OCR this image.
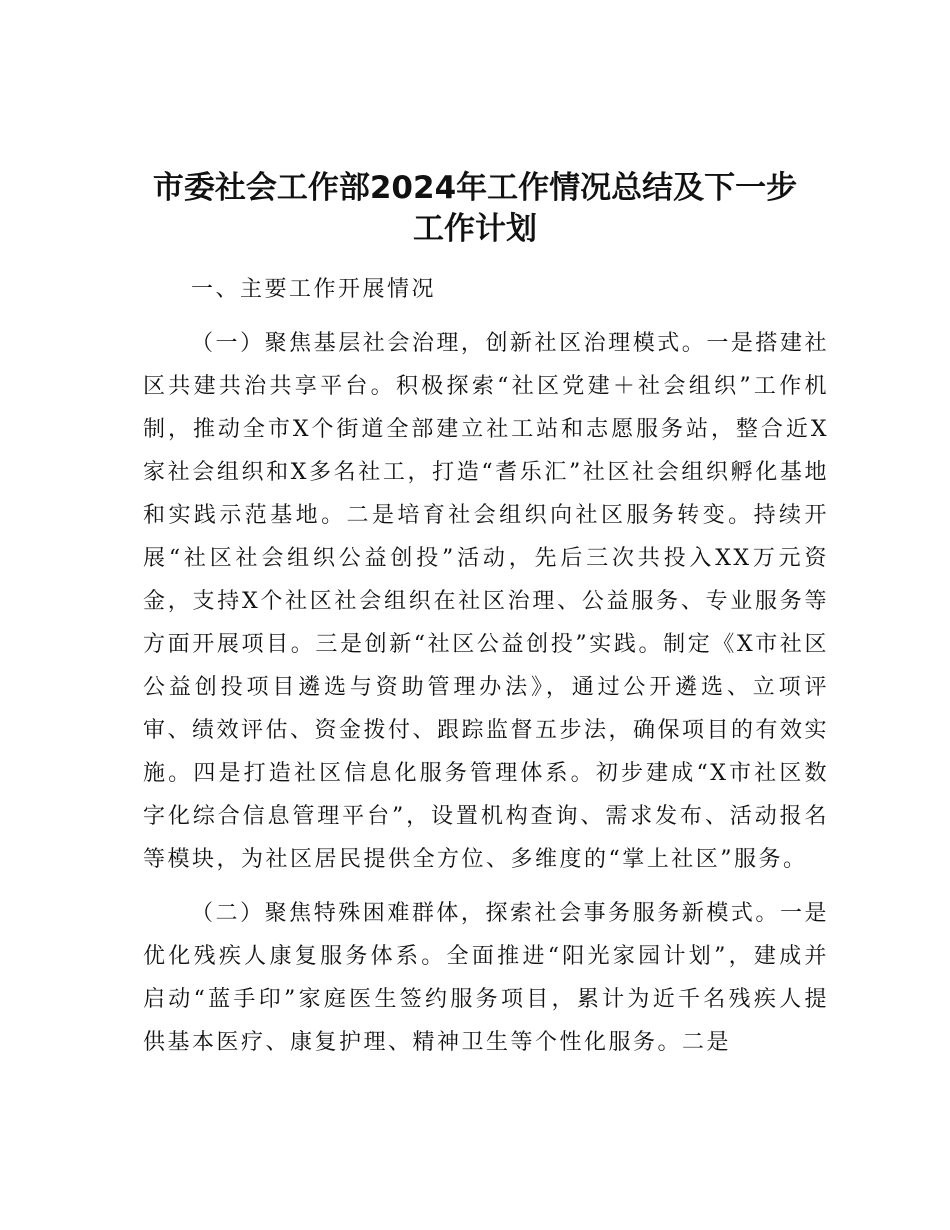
市委社会工作部2024年工作情况总结及下一步
工作计划

一、主要工作开展情况

（一）聚焦基层社会治理，创新社区治理模式。一是搭建社区共建共治共享平台。积极探索“社区党建＋社会组织”工作机制，推动全市X个街道全部建立社工站和志愿服务站，整合近X家社会组织和X多名社工，打造“耆乐汇”社区社会组织孵化基地和实践示范基地。二是培育社会组织向社区服务转变。持续开展“社区社会组织公益创投”活动，先后三次共投入XX万元资金，支持X个社区社会组织在社区治理、公益服务、专业服务等方面开展项目。三是创新“社区公益创投”实践。制定《X市社区公益创投项目遴选与资助管理办法》，通过公开遴选、立项评审、绩效评估、资金拨付、跟踪监督五步法，确保项目的有效实施。四是打造社区信息化服务管理体系。初步建成“X市社区数字化综合信息管理平台”，设置机构查询、需求发布、活动报名等模块，为社区居民提供全方位、多维度的“掌上社区”服务。

（二）聚焦特殊困难群体，探索社会事务服务新模式。一是优化残疾人康复服务体系。全面推进“阳光家园计划”，建成并启动“蓝手印”家庭医生签约服务项目，累计为近千名残疾人提供基本医疗、康复护理、精神卫生等个性化服务。二是
